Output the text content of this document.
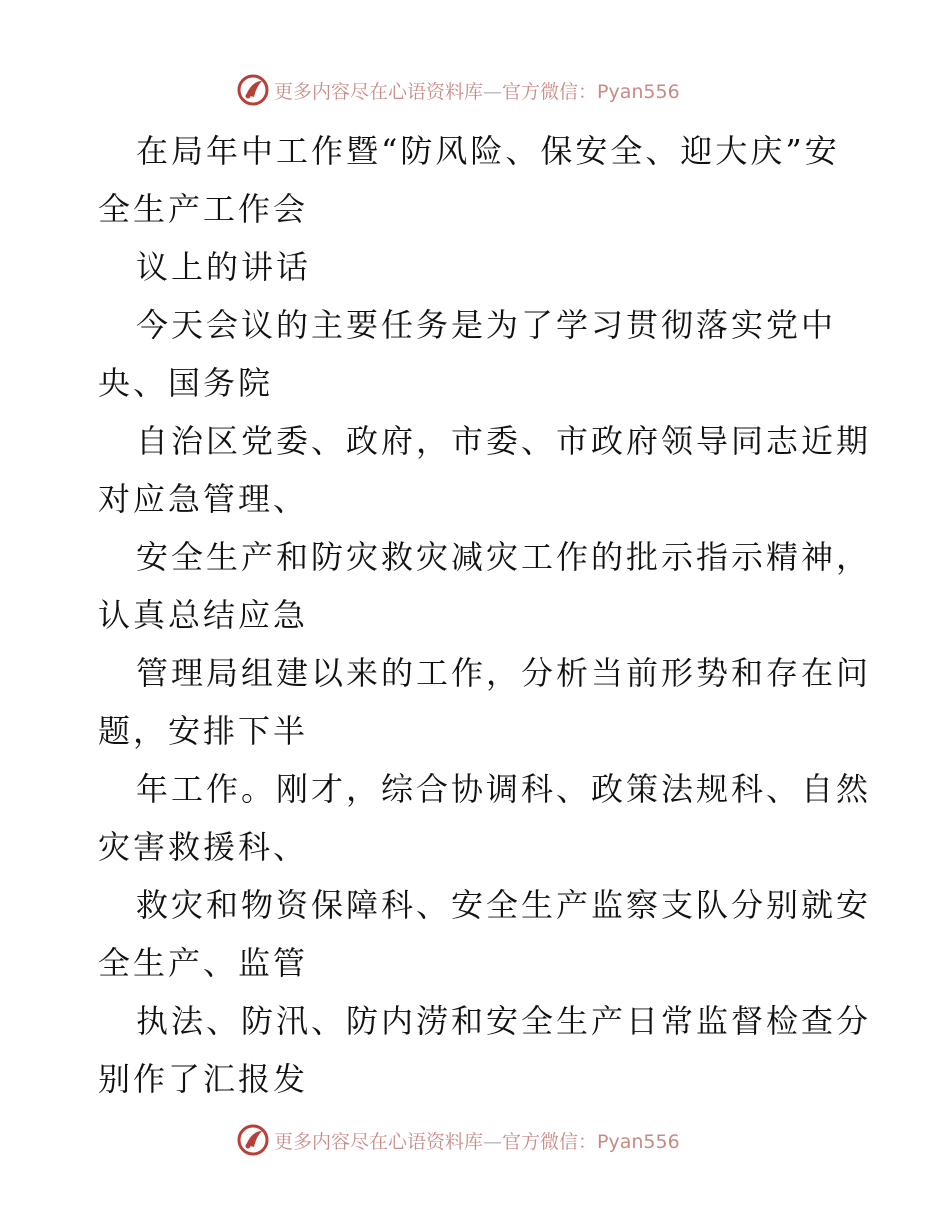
更多内容尽在心语资料库—官方微信：Pyan556
在局年中工作暨“防风险、保安全、迎大庆”安
全生产工作会
议上的讲话
今天会议的主要任务是为了学习贯彻落实党中
央、国务院
自治区党委、政府，市委、市政府领导同志近期
对应急管理、
安全生产和防灾救灾减灾工作的批示指示精神，
认真总结应急
管理局组建以来的工作，分析当前形势和存在问
题，安排下半
年工作。刚才，综合协调科、政策法规科、自然
灾害救援科、
救灾和物资保障科、安全生产监察支队分别就安
全生产、监管
执法、防汛、防内涝和安全生产日常监督检查分
别作了汇报发
更多内容尽在心语资料库—官方微信：Pyan556
